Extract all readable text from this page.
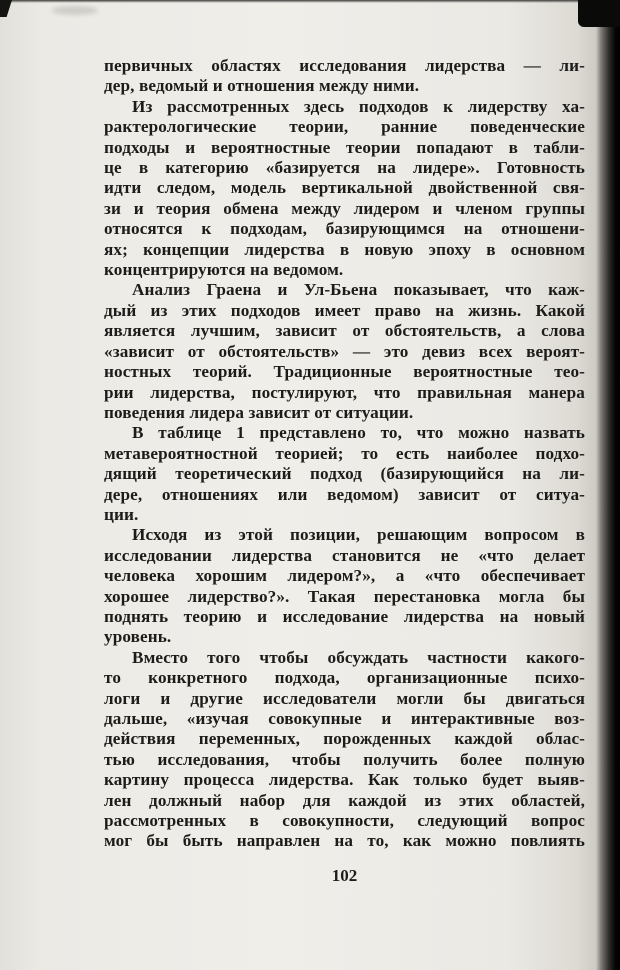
первичных областях исследования лидерства — ли-
дер, ведомый и отношения между ними.
Из рассмотренных здесь подходов к лидерству ха-
рактерологические теории, ранние поведенческие
подходы и вероятностные теории попадают в табли-
це в категорию «базируется на лидере». Готовность
идти следом, модель вертикальной двойственной свя-
зи и теория обмена между лидером и членом группы
относятся к подходам, базирующимся на отношени-
ях; концепции лидерства в новую эпоху в основном
концентрируются на ведомом.
Анализ Граена и Ул-Бьена показывает, что каж-
дый из этих подходов имеет право на жизнь. Какой
является лучшим, зависит от обстоятельств, а слова
«зависит от обстоятельств» — это девиз всех вероят-
ностных теорий. Традиционные вероятностные тео-
рии лидерства, постулируют, что правильная манера
поведения лидера зависит от ситуации.
В таблице 1 представлено то, что можно назвать
метавероятностной теорией; то есть наиболее подхо-
дящий теоретический подход (базирующийся на ли-
дере, отношениях или ведомом) зависит от ситуа-
ции.
Исходя из этой позиции, решающим вопросом в
исследовании лидерства становится не «что делает
человека хорошим лидером?», а «что обеспечивает
хорошее лидерство?». Такая перестановка могла бы
поднять теорию и исследование лидерства на новый
уровень.
Вместо того чтобы обсуждать частности какого-
то конкретного подхода, организационные психо-
логи и другие исследователи могли бы двигаться
дальше, «изучая совокупные и интерактивные воз-
действия переменных, порожденных каждой облас-
тью исследования, чтобы получить более полную
картину процесса лидерства. Как только будет выяв-
лен должный набор для каждой из этих областей,
рассмотренных в совокупности, следующий вопрос
мог бы быть направлен на то, как можно повлиять
102
